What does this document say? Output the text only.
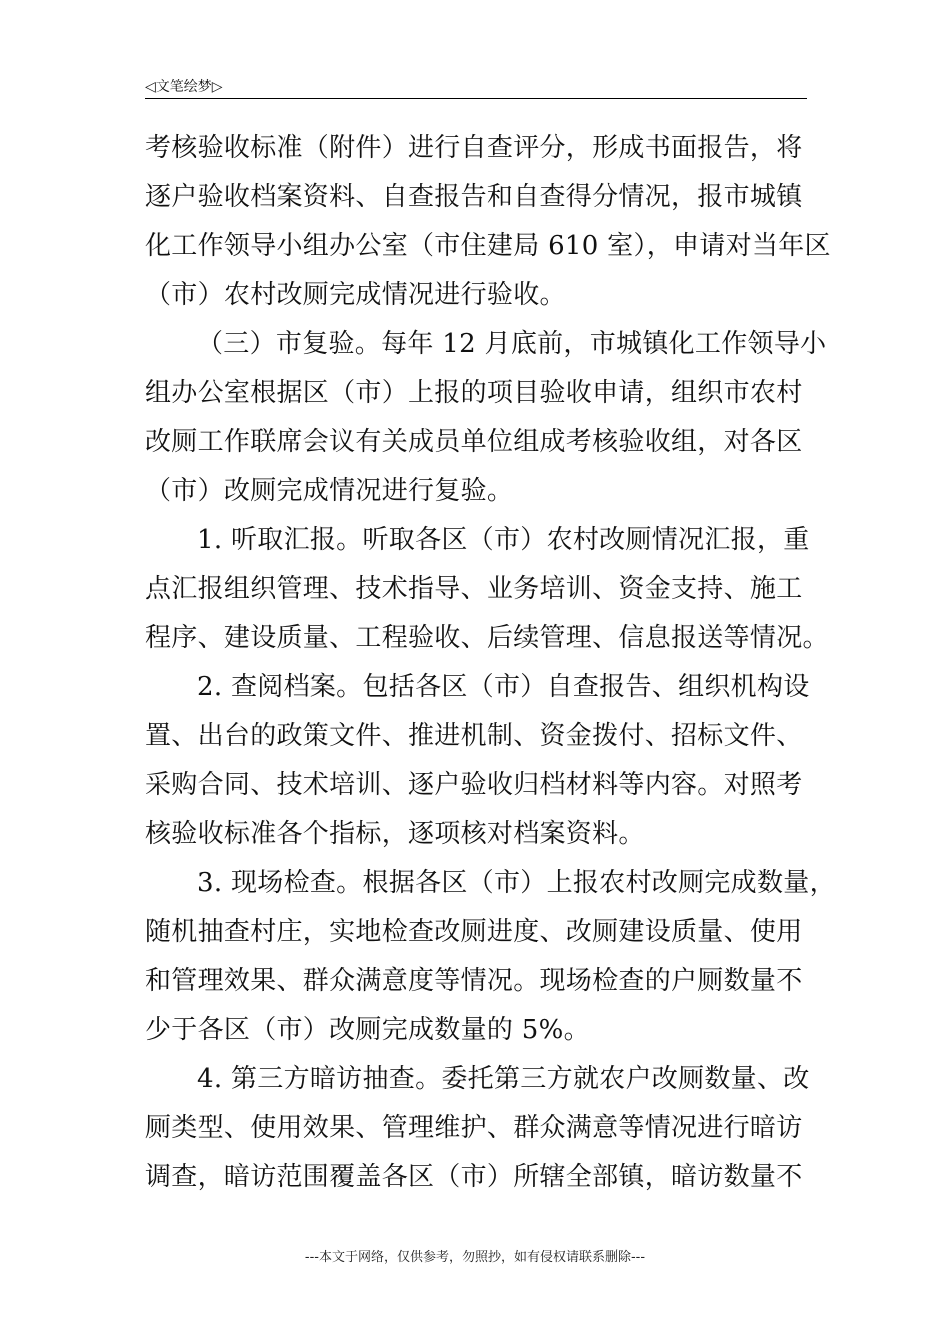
◁文笔绘梦▷
考核验收标准（附件）进行自查评分，形成书面报告，将
逐户验收档案资料、自查报告和自查得分情况，报市城镇
化工作领导小组办公室（市住建局 610 室），申请对当年区
（市）农村改厕完成情况进行验收。
（三）市复验。每年 12 月底前，市城镇化工作领导小
组办公室根据区（市）上报的项目验收申请，组织市农村
改厕工作联席会议有关成员单位组成考核验收组，对各区
（市）改厕完成情况进行复验。
1. 听取汇报。听取各区（市）农村改厕情况汇报，重
点汇报组织管理、技术指导、业务培训、资金支持、施工
程序、建设质量、工程验收、后续管理、信息报送等情况。
2. 查阅档案。包括各区（市）自查报告、组织机构设
置、出台的政策文件、推进机制、资金拨付、招标文件、
采购合同、技术培训、逐户验收归档材料等内容。对照考
核验收标准各个指标，逐项核对档案资料。
3. 现场检查。根据各区（市）上报农村改厕完成数量，
随机抽查村庄，实地检查改厕进度、改厕建设质量、使用
和管理效果、群众满意度等情况。现场检查的户厕数量不
少于各区（市）改厕完成数量的 5%。
4. 第三方暗访抽查。委托第三方就农户改厕数量、改
厕类型、使用效果、管理维护、群众满意等情况进行暗访
调查，暗访范围覆盖各区（市）所辖全部镇，暗访数量不
---本文于网络，仅供参考，勿照抄，如有侵权请联系删除---
